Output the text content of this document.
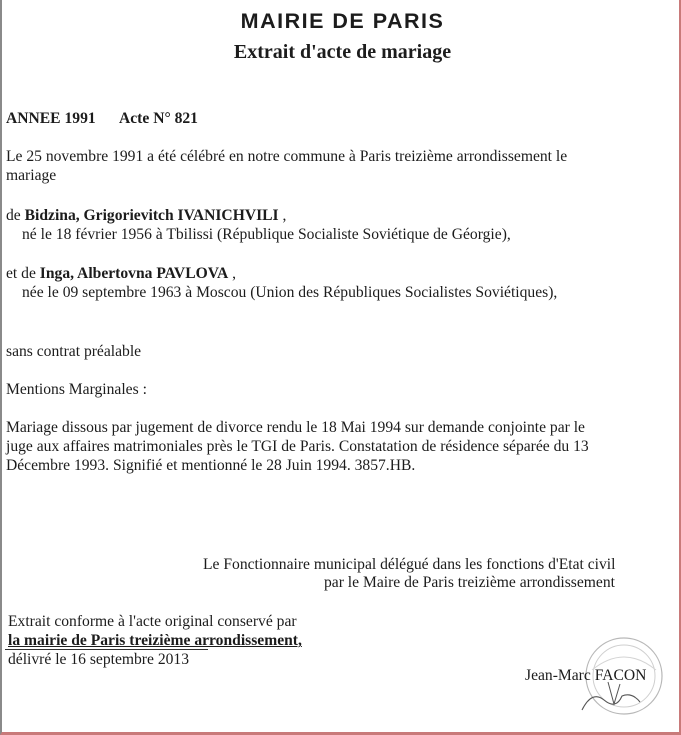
MAIRIE DE PARIS
Extrait d'acte de mariage
ANNEE 1991 Acte N° 821
Le 25 novembre 1991 a été célébré en notre commune à Paris treizième arrondissement le
mariage
de Bidzina, Grigorievitch IVANICHVILI ,
né le 18 février 1956 à Tbilissi (République Socialiste Soviétique de Géorgie),
et de Inga, Albertovna PAVLOVA ,
née le 09 septembre 1963 à Moscou (Union des Républiques Socialistes Soviétiques),
sans contrat préalable
Mentions Marginales :
Mariage dissous par jugement de divorce rendu le 18 Mai 1994 sur demande conjointe par le
juge aux affaires matrimoniales près le TGI de Paris. Constatation de résidence séparée du 13
Décembre 1993. Signifié et mentionné le 28 Juin 1994. 3857.HB.
Le Fonctionnaire municipal délégué dans les fonctions d'Etat civil
par le Maire de Paris treizième arrondissement
Extrait conforme à l'acte original conservé par
la mairie de Paris treizième arrondissement,
délivré le 16 septembre 2013
Jean-Marc FACON
